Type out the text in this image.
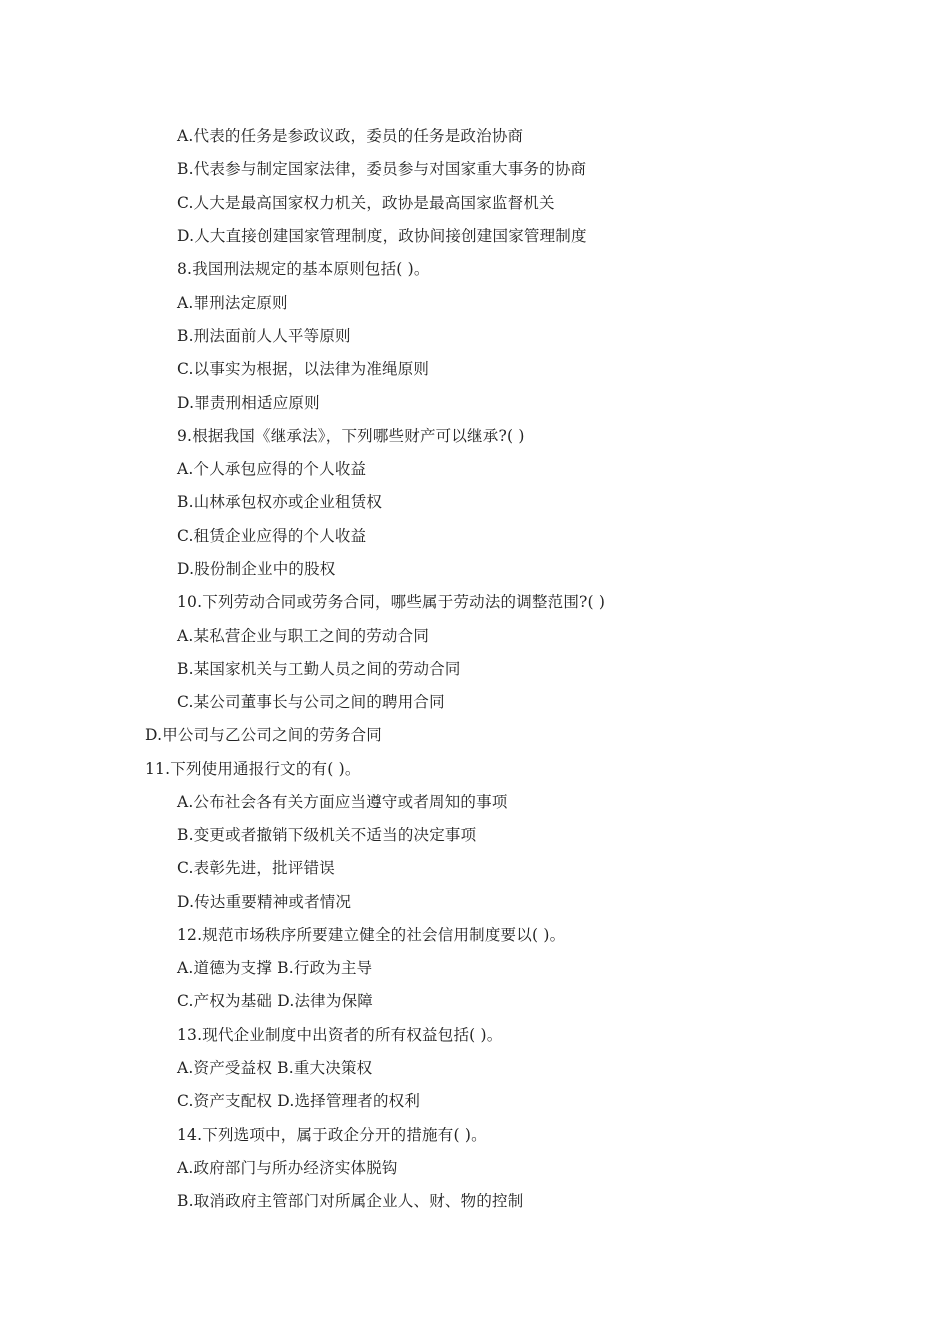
A.代表的任务是参政议政，委员的任务是政治协商
B.代表参与制定国家法律，委员参与对国家重大事务的协商
C.人大是最高国家权力机关，政协是最高国家监督机关
D.人大直接创建国家管理制度，政协间接创建国家管理制度
8.我国刑法规定的基本原则包括( )。
A.罪刑法定原则
B.刑法面前人人平等原则
C.以事实为根据，以法律为准绳原则
D.罪责刑相适应原则
9.根据我国《继承法》，下列哪些财产可以继承?( )
A.个人承包应得的个人收益
B.山林承包权亦或企业租赁权
C.租赁企业应得的个人收益
D.股份制企业中的股权
10.下列劳动合同或劳务合同，哪些属于劳动法的调整范围?( )
A.某私营企业与职工之间的劳动合同
B.某国家机关与工勤人员之间的劳动合同
C.某公司董事长与公司之间的聘用合同
D.甲公司与乙公司之间的劳务合同
11.下列使用通报行文的有( )。
A.公布社会各有关方面应当遵守或者周知的事项
B.变更或者撤销下级机关不适当的决定事项
C.表彰先进，批评错误
D.传达重要精神或者情况
12.规范市场秩序所要建立健全的社会信用制度要以( )。
A.道德为支撑 B.行政为主导
C.产权为基础 D.法律为保障
13.现代企业制度中出资者的所有权益包括( )。
A.资产受益权 B.重大决策权
C.资产支配权 D.选择管理者的权利
14.下列选项中，属于政企分开的措施有( )。
A.政府部门与所办经济实体脱钩
B.取消政府主管部门对所属企业人、财、物的控制
